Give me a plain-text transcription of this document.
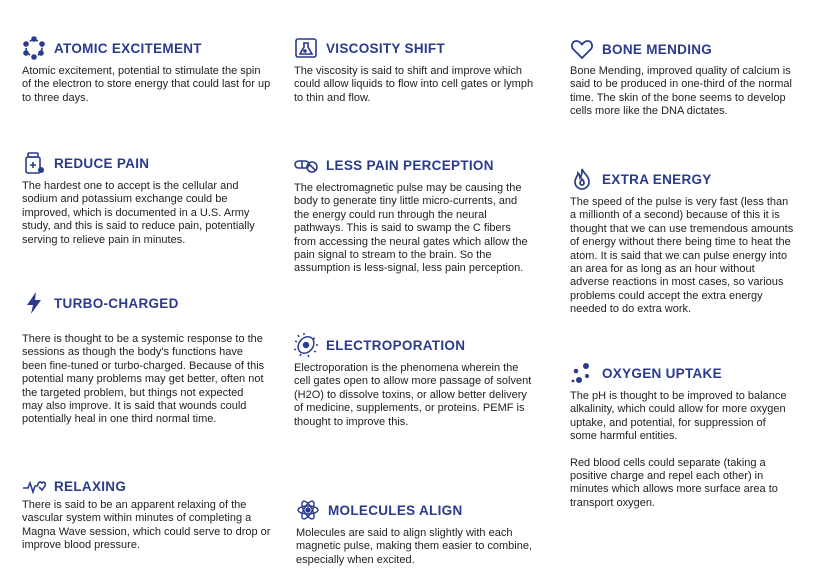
ATOMIC EXCITEMENT
Atomic excitement, potential to stimulate the spin of the electron to store energy that could last for up to three days.
REDUCE PAIN
The hardest one to accept is the cellular and sodium and potassium exchange could be improved, which is documented in a U.S. Army study, and this is said to reduce pain, potentially serving to relieve pain in minutes.
TURBO-CHARGED
There is thought to be a systemic response to the sessions as though the body's functions have been fine-tuned or turbo-charged. Because of this potential many problems may get better, often not the targeted problem, but things not expected may also improve. It is said that wounds could potentially heal in one third normal time.
RELAXING
There is said to be an apparent relaxing of the vascular system within minutes of completing a Magna Wave session, which could serve to drop or improve blood pressure.
VISCOSITY SHIFT
The viscosity is said to shift and improve which could allow liquids to flow into cell gates or lymph to thin and flow.
LESS PAIN PERCEPTION
The electromagnetic pulse may be causing the body to generate tiny little micro-currents, and the energy could run through the neural pathways. This is said to swamp the C fibers from accessing the neural gates which allow the pain signal to stream to the brain. So the assumption is less-signal, less pain perception.
ELECTROPORATION
Electroporation is the phenomena wherein the cell gates open to allow more passage of solvent (H2O) to dissolve toxins, or allow better delivery of medicine, supplements, or proteins. PEMF is thought to improve this.
MOLECULES ALIGN
Molecules are said to align slightly with each magnetic pulse, making them easier to combine, especially when excited.
BONE MENDING
Bone Mending, improved quality of calcium is said to be produced in one-third of the normal time. The skin of the bone seems to develop cells more like the DNA dictates.
EXTRA ENERGY
The speed of the pulse is very fast (less than a millionth of a second) because of this it is thought that we can use tremendous amounts of energy without there being time to heat the atom. It is said that we can pulse energy into an area for as long as an hour without adverse reactions in most cases, so various problems could accept the extra energy needed to do extra work.
OXYGEN UPTAKE
The pH is thought to be improved to balance alkalinity, which could allow for more oxygen uptake, and potential, for suppression of some harmful entities.
Red blood cells could separate (taking a positive charge and repel each other) in minutes which allows more surface area to transport oxygen.
